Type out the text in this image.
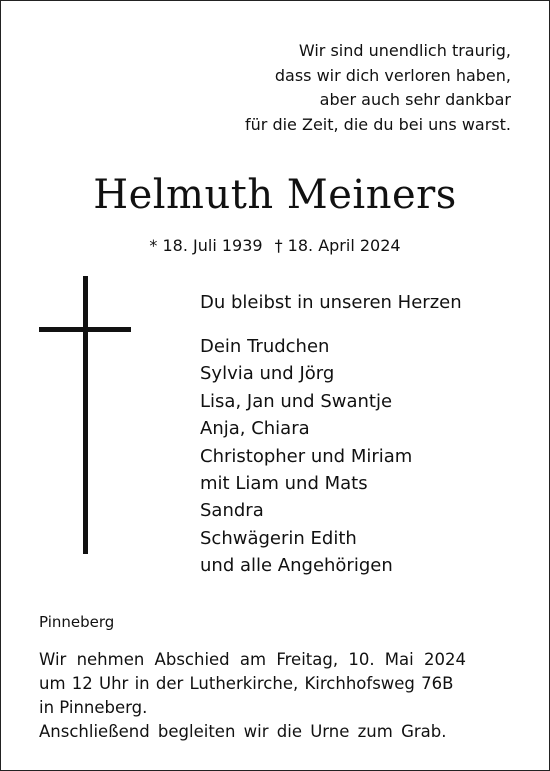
Wir sind unendlich traurig,
dass wir dich verloren haben,
aber auch sehr dankbar
für die Zeit, die du bei uns warst.
Helmuth Meiners
* 18. Juli 1939 † 18. April 2024
Du bleibst in unseren Herzen
Dein Trudchen
Sylvia und Jörg
Lisa, Jan und Swantje
Anja, Chiara
Christopher und Miriam
mit Liam und Mats
Sandra
Schwägerin Edith
und alle Angehörigen
Pinneberg
Wir nehmen Abschied am Freitag, 10. Mai 2024
um 12 Uhr in der Lutherkirche, Kirchhofsweg 76B
in Pinneberg.
Anschließend begleiten wir die Urne zum Grab.
